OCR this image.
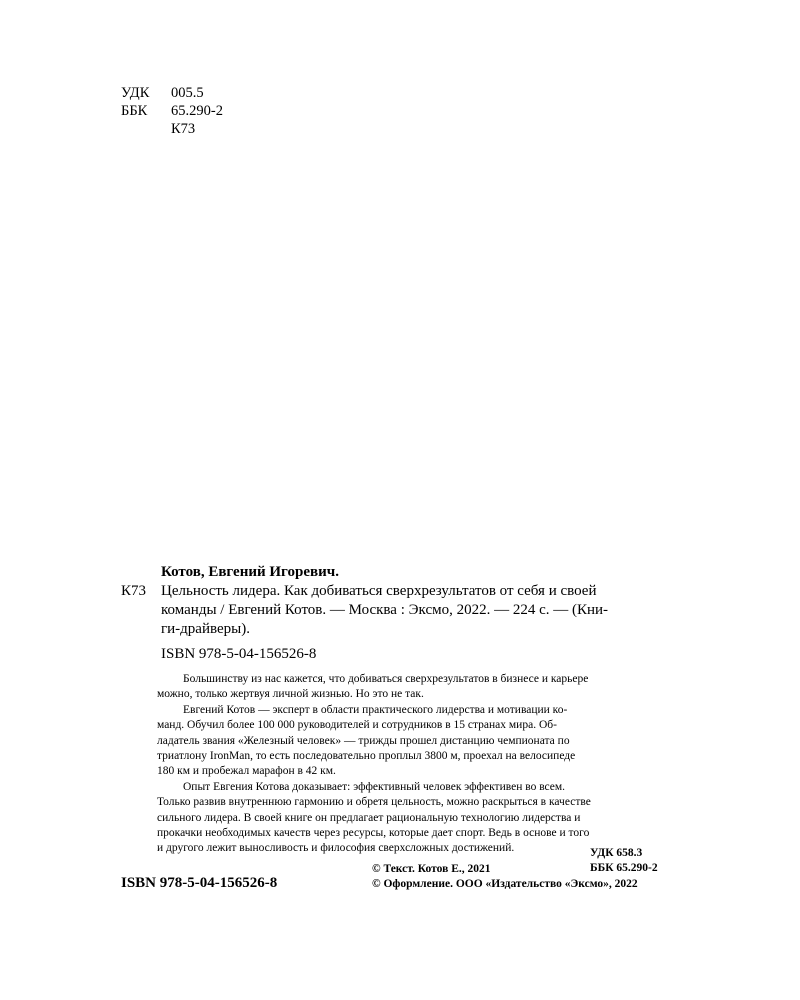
УДК	005.5
ББК	65.290-2
К73
Котов, Евгений Игоревич.
К73 Цельность лидера. Как добиваться сверхрезультатов от себя и своей
команды / Евгений Котов. — Москва : Эксмо, 2022. — 224 с. — (Кни-
ги-драйверы).
ISBN 978-5-04-156526-8
Большинству из нас кажется, что добиваться сверхрезультатов в бизнесе и карьере
можно, только жертвуя личной жизнью. Но это не так.
Евгений Котов — эксперт в области практического лидерства и мотивации ко-
манд. Обучил более 100 000 руководителей и сотрудников в 15 странах мира. Об-
ладатель звания «Железный человек» — трижды прошел дистанцию чемпионата по
триатлону IronMan, то есть последовательно проплыл 3800 м, проехал на велосипеде
180 км и пробежал марафон в 42 км.
Опыт Евгения Котова доказывает: эффективный человек эффективен во всем.
Только развив внутреннюю гармонию и обретя цельность, можно раскрыться в качестве
сильного лидера. В своей книге он предлагает рациональную технологию лидерства и
прокачки необходимых качеств через ресурсы, которые дает спорт. Ведь в основе и того
и другого лежит выносливость и философия сверхсложных достижений.	УДК 658.3
ББК 65.290-2
ISBN 978-5-04-156526-8
© Текст. Котов Е., 2021
© Оформление. ООО «Издательство «Эксмо», 2022
